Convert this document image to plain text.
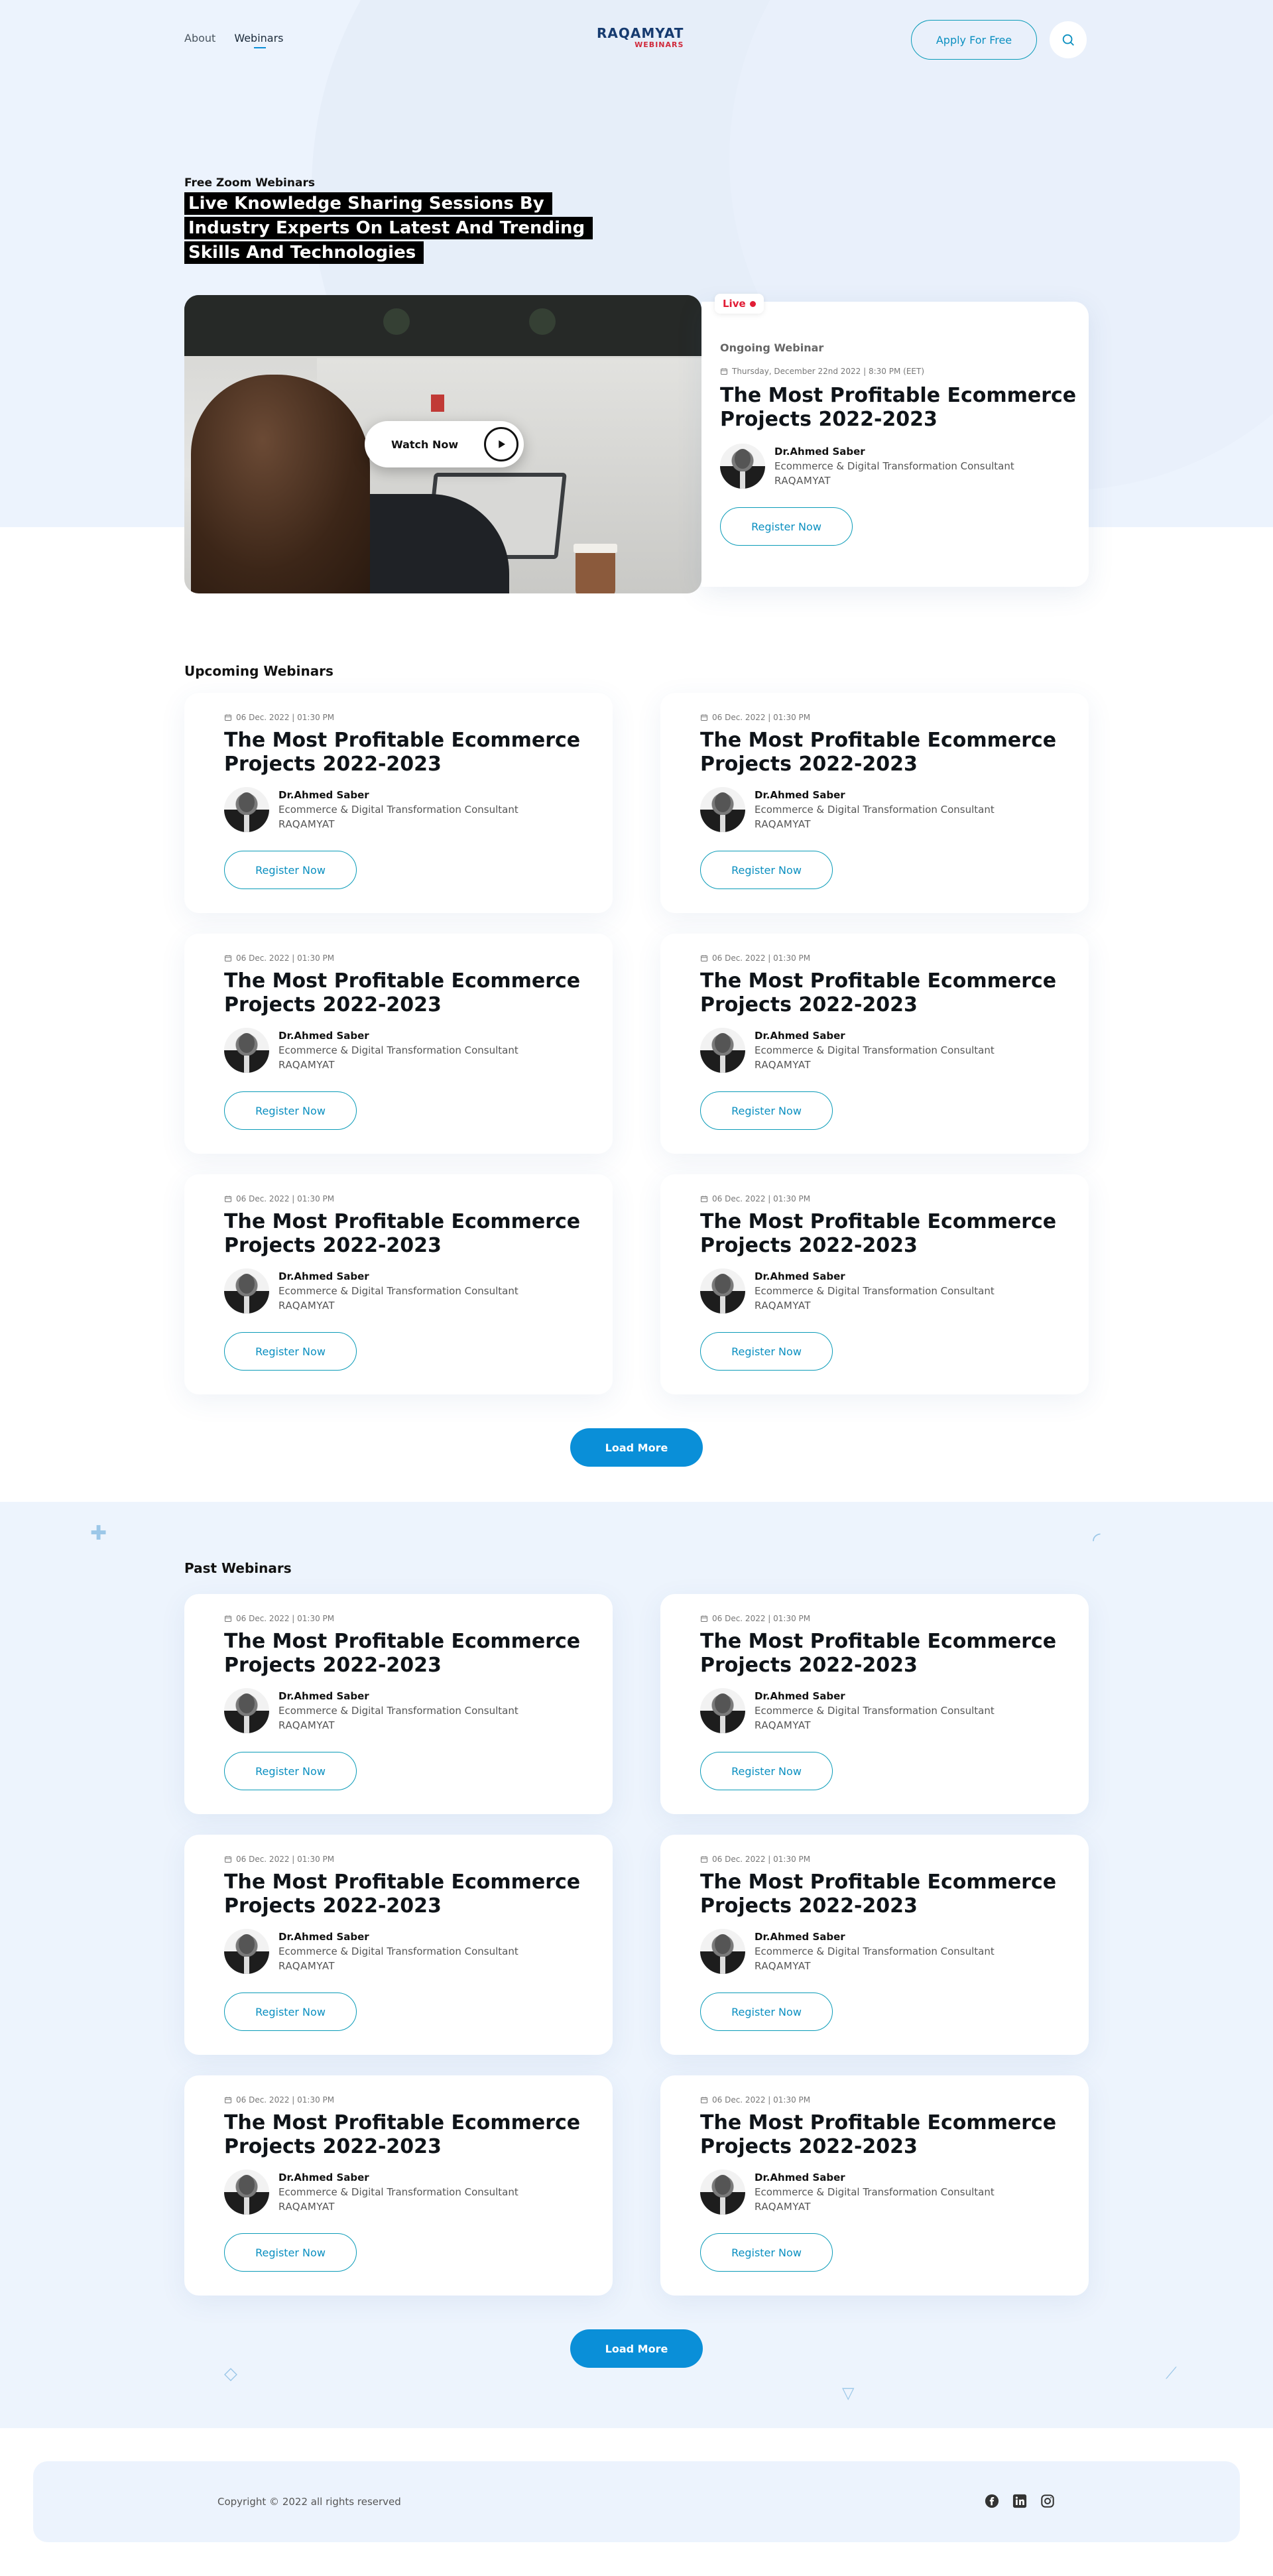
About Webinars	RAQAMYAT
WEBINARS	Apply For Free
Free Zoom Webinars
Live Knowledge Sharing Sessions By Industry Experts On Latest And Trending Skills And Technologies
Watch Now
Live
Ongoing Webinar
Thursday, December 22nd 2022 | 8:30 PM (EET)
The Most Profitable Ecommerce Projects 2022-2023
Dr.Ahmed Saber
Ecommerce & Digital Transformation Consultant
RAQAMYAT
Register Now
Upcoming Webinars
06 Dec. 2022 | 01:30 PM
The Most Profitable Ecommerce Projects 2022-2023
Dr.Ahmed Saber
Ecommerce & Digital Transformation Consultant
RAQAMYAT
Register Now
06 Dec. 2022 | 01:30 PM
The Most Profitable Ecommerce Projects 2022-2023
Dr.Ahmed Saber
Ecommerce & Digital Transformation Consultant
RAQAMYAT
Register Now
06 Dec. 2022 | 01:30 PM
The Most Profitable Ecommerce Projects 2022-2023
Dr.Ahmed Saber
Ecommerce & Digital Transformation Consultant
RAQAMYAT
Register Now
06 Dec. 2022 | 01:30 PM
The Most Profitable Ecommerce Projects 2022-2023
Dr.Ahmed Saber
Ecommerce & Digital Transformation Consultant
RAQAMYAT
Register Now
06 Dec. 2022 | 01:30 PM
The Most Profitable Ecommerce Projects 2022-2023
Dr.Ahmed Saber
Ecommerce & Digital Transformation Consultant
RAQAMYAT
Register Now
06 Dec. 2022 | 01:30 PM
The Most Profitable Ecommerce Projects 2022-2023
Dr.Ahmed Saber
Ecommerce & Digital Transformation Consultant
RAQAMYAT
Register Now
Load More
✚	◜
◇
▽
⟋
Past Webinars
06 Dec. 2022 | 01:30 PM
The Most Profitable Ecommerce Projects 2022-2023
Dr.Ahmed Saber
Ecommerce & Digital Transformation Consultant
RAQAMYAT
Register Now
06 Dec. 2022 | 01:30 PM
The Most Profitable Ecommerce Projects 2022-2023
Dr.Ahmed Saber
Ecommerce & Digital Transformation Consultant
RAQAMYAT
Register Now
06 Dec. 2022 | 01:30 PM
The Most Profitable Ecommerce Projects 2022-2023
Dr.Ahmed Saber
Ecommerce & Digital Transformation Consultant
RAQAMYAT
Register Now
06 Dec. 2022 | 01:30 PM
The Most Profitable Ecommerce Projects 2022-2023
Dr.Ahmed Saber
Ecommerce & Digital Transformation Consultant
RAQAMYAT
Register Now
06 Dec. 2022 | 01:30 PM
The Most Profitable Ecommerce Projects 2022-2023
Dr.Ahmed Saber
Ecommerce & Digital Transformation Consultant
RAQAMYAT
Register Now
06 Dec. 2022 | 01:30 PM
The Most Profitable Ecommerce Projects 2022-2023
Dr.Ahmed Saber
Ecommerce & Digital Transformation Consultant
RAQAMYAT
Register Now
Load More
Copyright © 2022 all rights reserved
